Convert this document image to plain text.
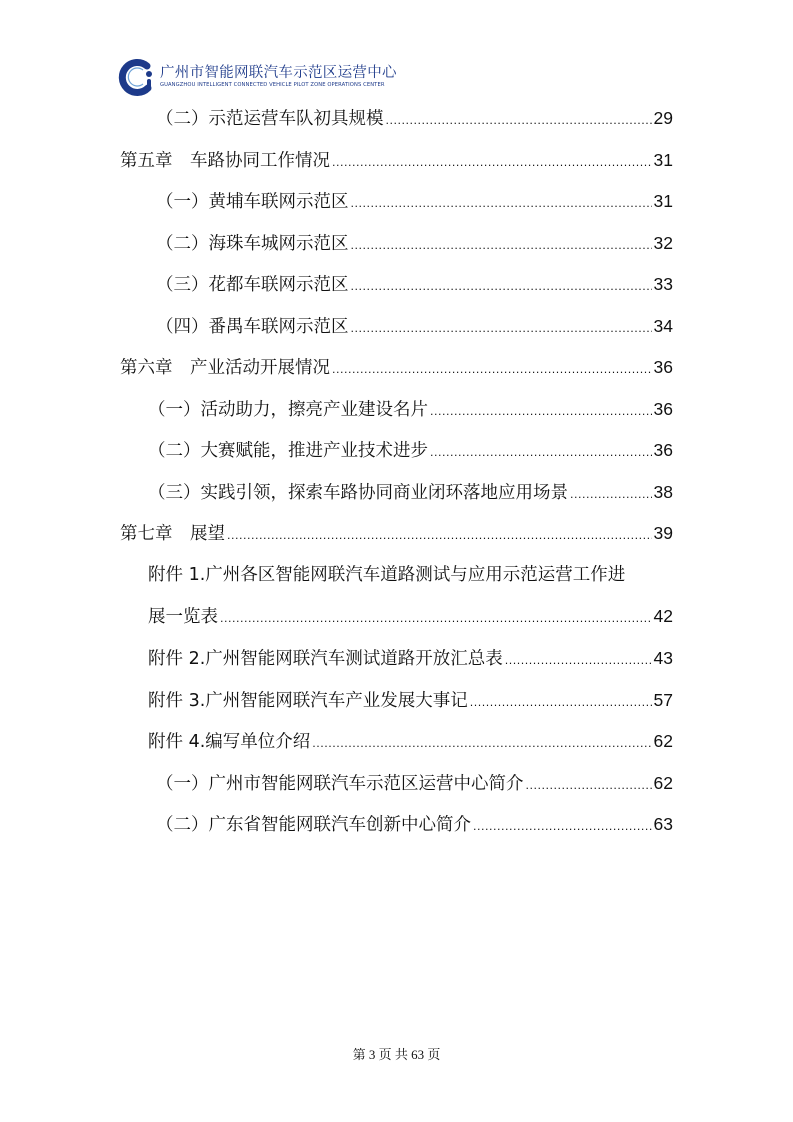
广州市智能网联汽车示范区运营中心
GUANGZHOU INTELLIGENT CONNECTED VEHICLE PILOT ZONE OPERATIONS CENTER
（二）示范运营车队初具规模 .....	29
第五章　车路协同工作情况 .....	31
（一）黄埔车联网示范区 .....	31
（二）海珠车城网示范区 .....	32
（三）花都车联网示范区 .....	33
（四）番禺车联网示范区 .....	34
第六章　产业活动开展情况 .....	36
（一）活动助力，擦亮产业建设名片 .....	36
（二）大赛赋能，推进产业技术进步 .....	36
（三）实践引领，探索车路协同商业闭环落地应用场景 .....	38
第七章　展望 .....	39
附件 1.广州各区智能网联汽车道路测试与应用示范运营工作进
展一览表 .....	42
附件 2.广州智能网联汽车测试道路开放汇总表 .....	43
附件 3.广州智能网联汽车产业发展大事记 .....	57
附件 4.编写单位介绍 .....	62
（一）广州市智能网联汽车示范区运营中心简介 .....	62
（二）广东省智能网联汽车创新中心简介 .....	63
第 3 页 共 63 页
